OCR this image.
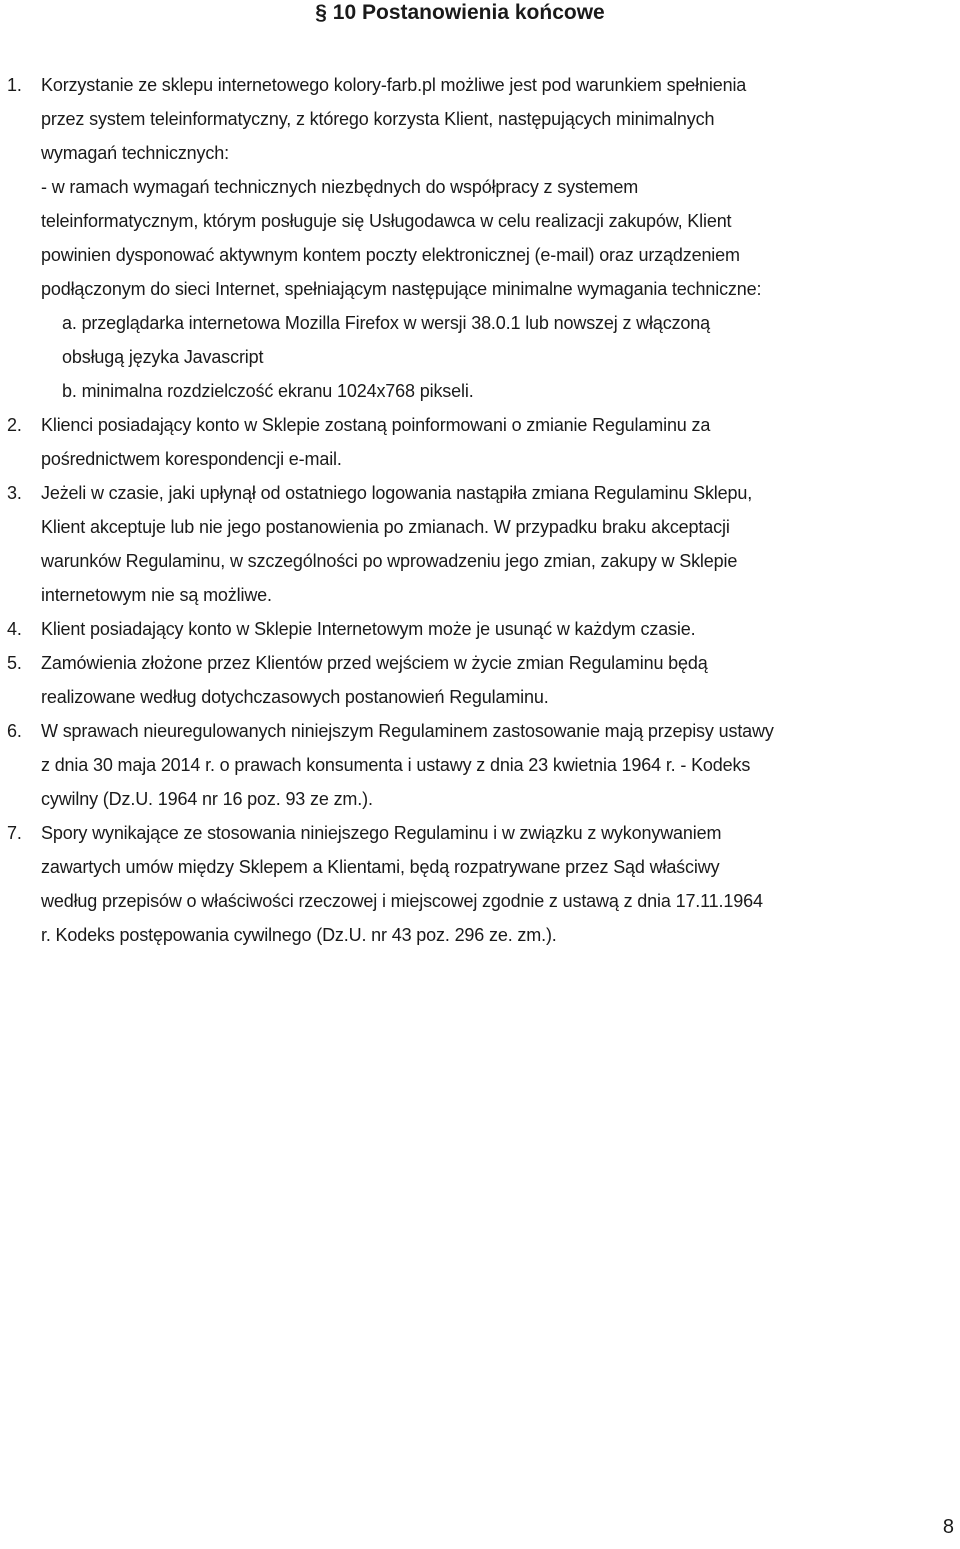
§ 10 Postanowienia końcowe
1. Korzystanie ze sklepu internetowego kolory-farb.pl możliwe jest pod warunkiem spełnienia
przez system teleinformatyczny, z którego korzysta Klient, następujących minimalnych
wymagań technicznych:
- w ramach wymagań technicznych niezbędnych do współpracy z systemem
teleinformatycznym, którym posługuje się Usługodawca w celu realizacji zakupów, Klient
powinien dysponować aktywnym kontem poczty elektronicznej (e-mail) oraz urządzeniem
podłączonym do sieci Internet, spełniającym następujące minimalne wymagania techniczne:
a. przeglądarka internetowa Mozilla Firefox w wersji 38.0.1 lub nowszej z włączoną
obsługą języka Javascript
b. minimalna rozdzielczość ekranu 1024x768 pikseli.
2. Klienci posiadający konto w Sklepie zostaną poinformowani o zmianie Regulaminu za
pośrednictwem korespondencji e-mail.
3. Jeżeli w czasie, jaki upłynął od ostatniego logowania nastąpiła zmiana Regulaminu Sklepu,
Klient akceptuje lub nie jego postanowienia po zmianach. W przypadku braku akceptacji
warunków Regulaminu, w szczególności po wprowadzeniu jego zmian, zakupy w Sklepie
internetowym nie są możliwe.
4. Klient posiadający konto w Sklepie Internetowym może je usunąć w każdym czasie.
5. Zamówienia złożone przez Klientów przed wejściem w życie zmian Regulaminu będą
realizowane według dotychczasowych postanowień Regulaminu.
6. W sprawach nieuregulowanych niniejszym Regulaminem zastosowanie mają przepisy ustawy
z dnia 30 maja 2014 r. o prawach konsumenta i ustawy z dnia 23 kwietnia 1964 r. - Kodeks
cywilny (Dz.U. 1964 nr 16 poz. 93 ze zm.).
7. Spory wynikające ze stosowania niniejszego Regulaminu i w związku z wykonywaniem
zawartych umów między Sklepem a Klientami, będą rozpatrywane przez Sąd właściwy
według przepisów o właściwości rzeczowej i miejscowej zgodnie z ustawą z dnia 17.11.1964
r. Kodeks postępowania cywilnego (Dz.U. nr 43 poz. 296 ze. zm.).
8
